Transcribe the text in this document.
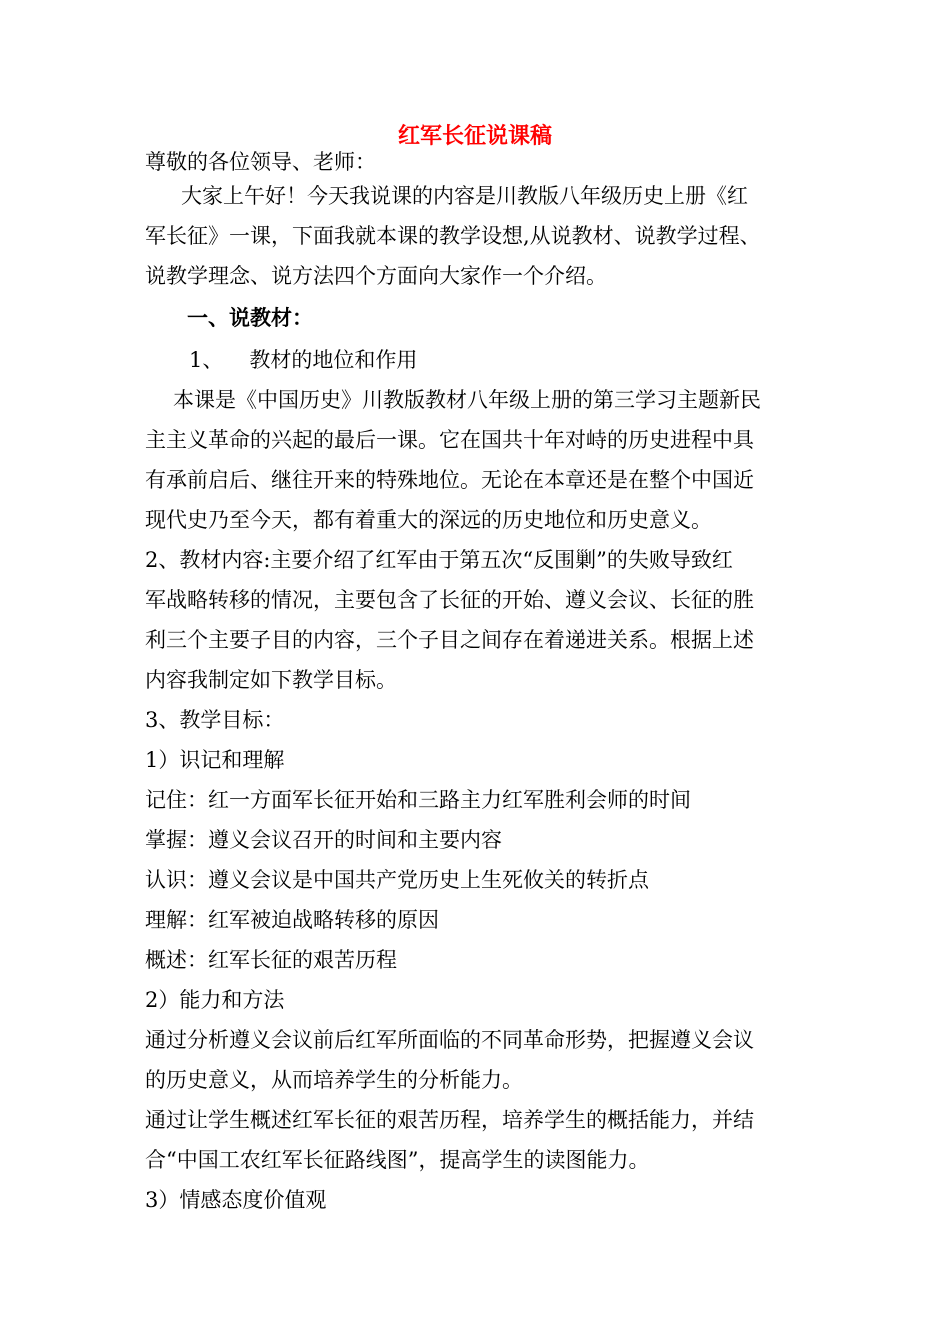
红军长征说课稿
尊敬的各位领导、老师：
大家上午好！今天我说课的内容是川教版八年级历史上册《红
军长征》一课，下面我就本课的教学设想,从说教材、说教学过程、
说教学理念、说方法四个方面向大家作一个介绍。
一、说教材：
1、 教材的地位和作用
本课是《中国历史》川教版教材八年级上册的第三学习主题新民
主主义革命的兴起的最后一课。它在国共十年对峙的历史进程中具
有承前启后、继往开来的特殊地位。无论在本章还是在整个中国近
现代史乃至今天，都有着重大的深远的历史地位和历史意义。
2、教材内容:主要介绍了红军由于第五次“反围剿”的失败导致红
军战略转移的情况，主要包含了长征的开始、遵义会议、长征的胜
利三个主要子目的内容，三个子目之间存在着递进关系。根据上述
内容我制定如下教学目标。
3、教学目标：
1）识记和理解
记住：红一方面军长征开始和三路主力红军胜利会师的时间
掌握：遵义会议召开的时间和主要内容
认识：遵义会议是中国共产党历史上生死攸关的转折点
理解：红军被迫战略转移的原因
概述：红军长征的艰苦历程
2）能力和方法
通过分析遵义会议前后红军所面临的不同革命形势，把握遵义会议
的历史意义，从而培养学生的分析能力。
通过让学生概述红军长征的艰苦历程，培养学生的概括能力，并结
合“中国工农红军长征路线图”，提高学生的读图能力。
3）情感态度价值观
